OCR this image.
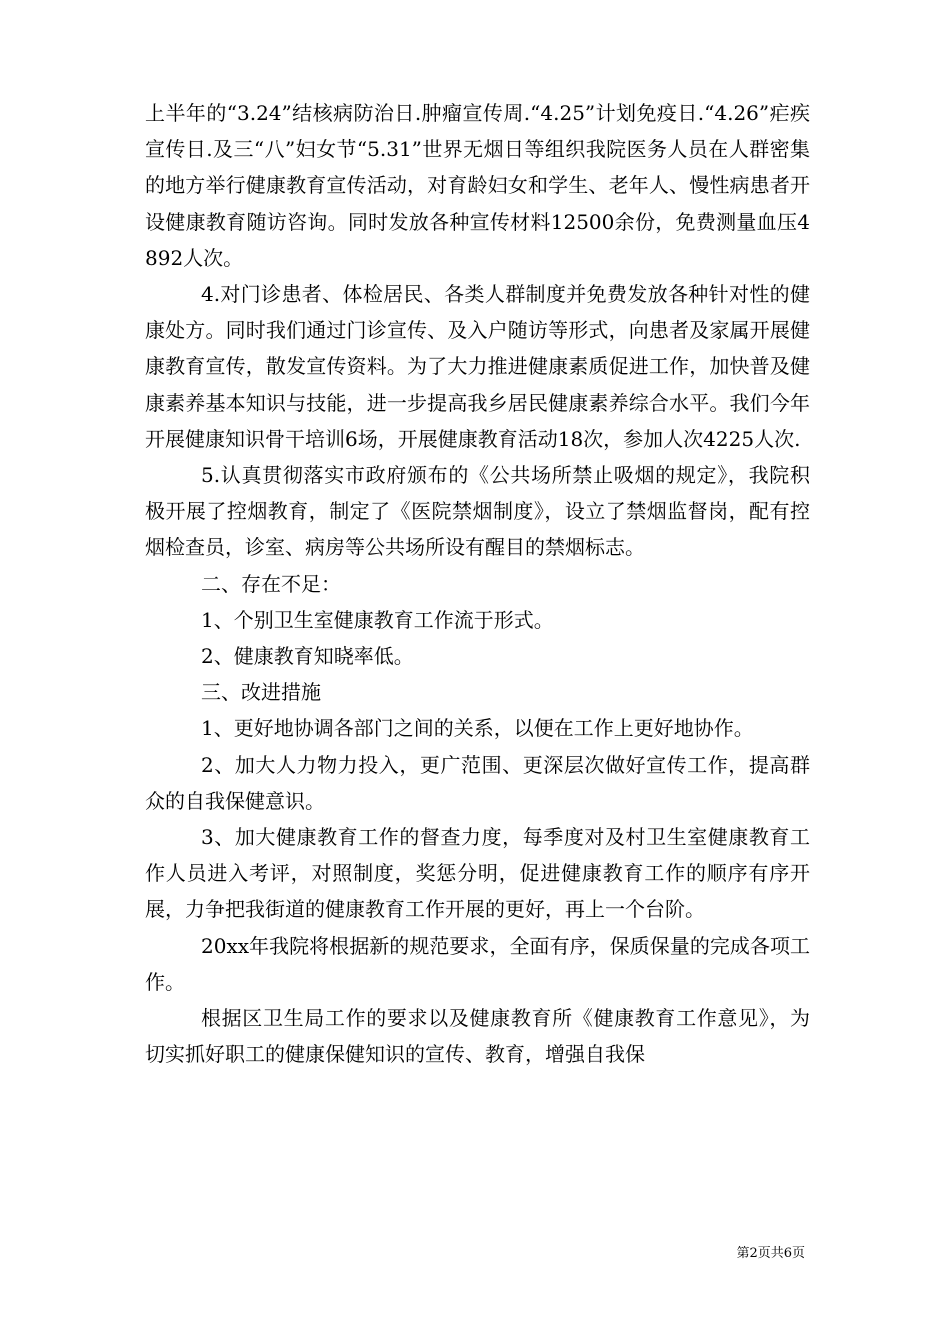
上半年的“3.24”结核病防治日.肿瘤宣传周.“4.25”计划免疫日.“4.26”疟疾宣传日.及三“八”妇女节“5.31”世界无烟日等组织我院医务人员在人群密集的地方举行健康教育宣传活动，对育龄妇女和学生、老年人、慢性病患者开设健康教育随访咨询。同时发放各种宣传材料12500余份，免费测量血压4892人次。

4.对门诊患者、体检居民、各类人群制度并免费发放各种针对性的健康处方。同时我们通过门诊宣传、及入户随访等形式，向患者及家属开展健康教育宣传，散发宣传资料。为了大力推进健康素质促进工作，加快普及健康素养基本知识与技能，进一步提高我乡居民健康素养综合水平。我们今年开展健康知识骨干培训6场，开展健康教育活动18次，参加人次4225人次.

5.认真贯彻落实市政府颁布的《公共场所禁止吸烟的规定》，我院积极开展了控烟教育，制定了《医院禁烟制度》，设立了禁烟监督岗，配有控烟检查员，诊室、病房等公共场所设有醒目的禁烟标志。

二、存在不足：

1、个别卫生室健康教育工作流于形式。

2、健康教育知晓率低。

三、改进措施

1、更好地协调各部门之间的关系，以便在工作上更好地协作。

2、加大人力物力投入，更广范围、更深层次做好宣传工作，提高群众的自我保健意识。

3、加大健康教育工作的督查力度，每季度对及村卫生室健康教育工作人员进入考评，对照制度，奖惩分明，促进健康教育工作的顺序有序开展，力争把我街道的健康教育工作开展的更好，再上一个台阶。

20xx年我院将根据新的规范要求，全面有序，保质保量的完成各项工作。

根据区卫生局工作的要求以及健康教育所《健康教育工作意见》，为切实抓好职工的健康保健知识的宣传、教育，增强自我保

第2页共6页
